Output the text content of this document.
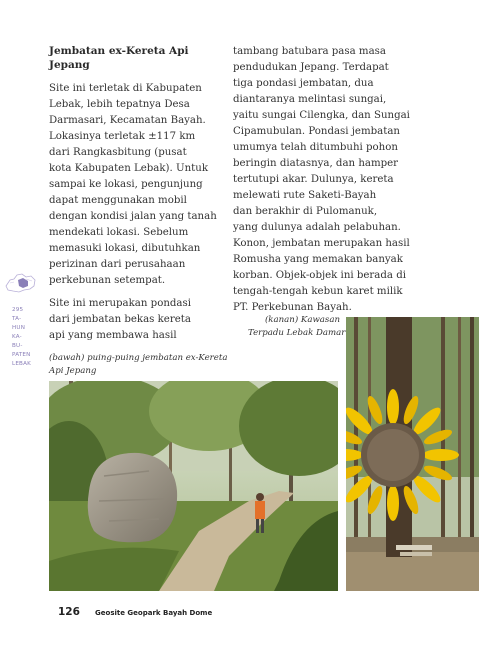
Jembatan ex-Kereta Api Jepang
Site ini terletak di Kabupaten
Lebak, lebih tepatnya Desa
Darmasari, Kecamatan Bayah.
Lokasinya terletak ±117 km
dari Rangkasbitung (pusat
kota Kabupaten Lebak). Untuk
sampai ke lokasi, pengunjung
dapat menggunakan mobil
dengan kondisi jalan yang tanah
mendekati lokasi. Sebelum
memasuki lokasi, dibutuhkan
perizinan dari perusahaan
perkebunan setempat.
Site ini merupakan pondasi
dari jembatan bekas kereta
api yang membawa hasil
tambang batubara pasa masa
pendudukan Jepang. Terdapat
tiga pondasi jembatan, dua
diantaranya melintasi sungai,
yaitu sungai Cilengka, dan Sungai
Cipamubulan. Pondasi jembatan
umumya telah ditumbuhi pohon
beringin diatasnya, dan hamper
tertutupi akar. Dulunya, kereta
melewati rute Saketi-Bayah
dan berakhir di Pulomanuk,
yang dulunya adalah pelabuhan.
Konon, jembatan merupakan hasil
Romusha yang memakan banyak
korban. Objek-objek ini berada di
tengah-tengah kebun karet milik
PT. Perkebunan Bayah.
295
TA-
HUN
KA-
BU-
PATEN
LEBAK
(kanan) Kawasan
Terpadu Lebak Damar
(bawah) puing-puing jembatan ex-Kereta
Api Jepang
126 Geosite Geopark Bayah Dome
